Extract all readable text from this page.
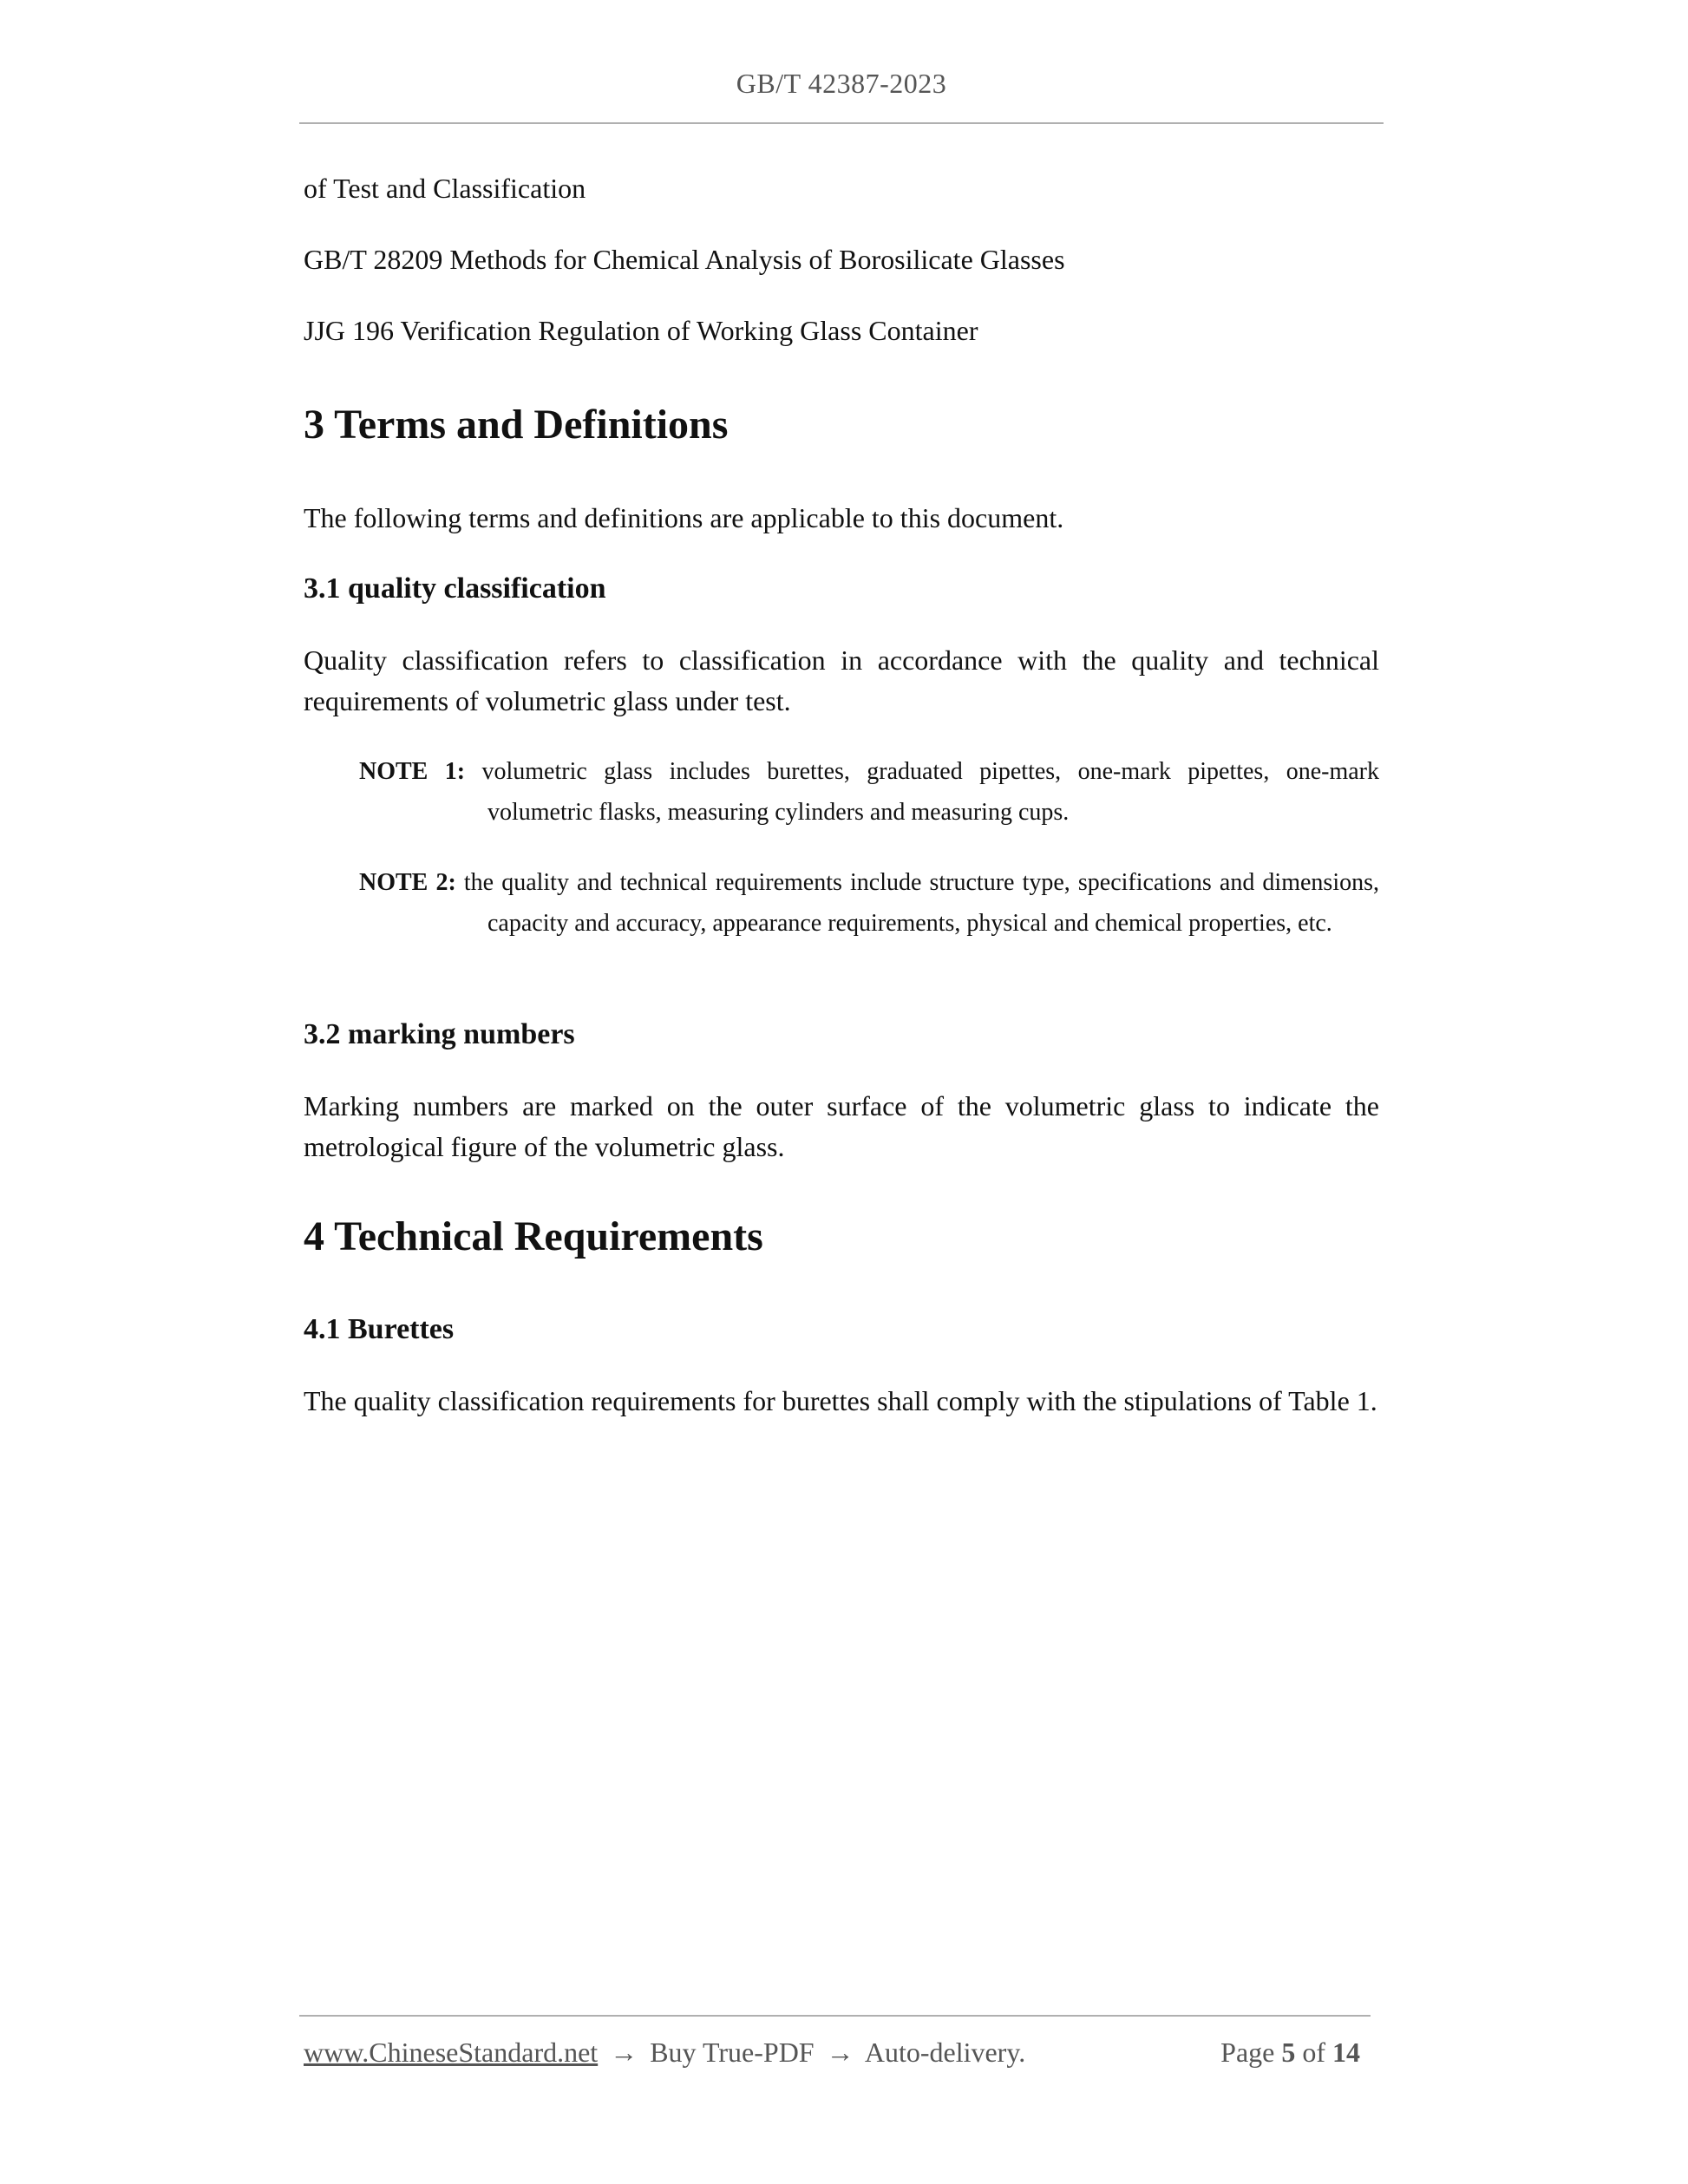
GB/T 42387-2023
of Test and Classification
GB/T 28209 Methods for Chemical Analysis of Borosilicate Glasses
JJG 196 Verification Regulation of Working Glass Container
3 Terms and Definitions
The following terms and definitions are applicable to this document.
3.1 quality classification
Quality classification refers to classification in accordance with the quality and technical requirements of volumetric glass under test.
NOTE 1: volumetric glass includes burettes, graduated pipettes, one-mark pipettes, one-mark volumetric flasks, measuring cylinders and measuring cups.
NOTE 2: the quality and technical requirements include structure type, specifications and dimensions, capacity and accuracy, appearance requirements, physical and chemical properties, etc.
3.2 marking numbers
Marking numbers are marked on the outer surface of the volumetric glass to indicate the metrological figure of the volumetric glass.
4 Technical Requirements
4.1 Burettes
The quality classification requirements for burettes shall comply with the stipulations of Table 1.
www.ChineseStandard.net → Buy True-PDF → Auto-delivery.	Page 5 of 14
